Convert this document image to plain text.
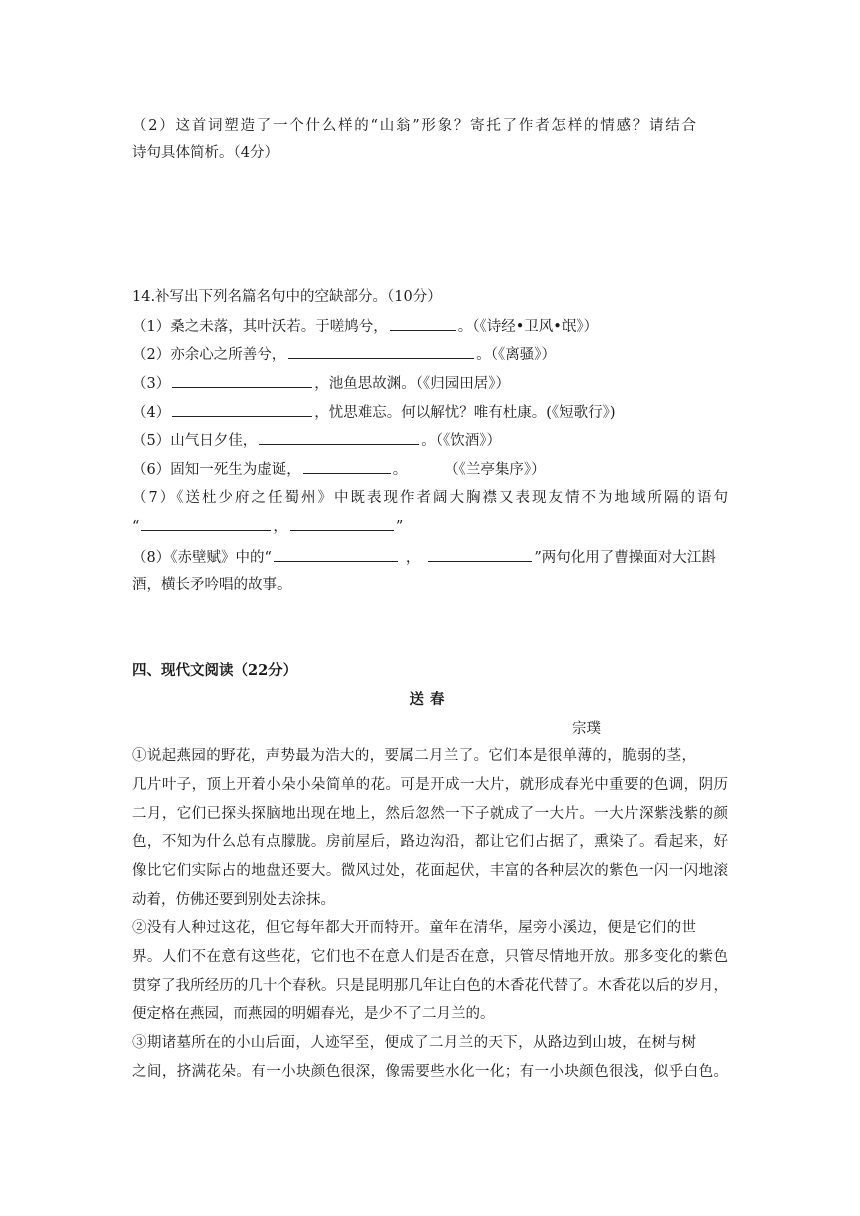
（2）这首词塑造了一个什么样的“山翁”形象？寄托了作者怎样的情感？请结合
诗句具体简析。（4分）
14.补写出下列名篇名句中的空缺部分。（10分）
（1）桑之未落，其叶沃若。于嗟鸠兮，	。（《诗经•卫风•氓》）
（2）亦余心之所善兮，	。（《离骚》）
（3）	，池鱼思故渊。（《归园田居》）
（4）	，忧思难忘。何以解忧？唯有杜康。(《短歌行》)
（5）山气日夕佳，	。（《饮酒》）
（6）固知一死生为虚诞，	。        （《兰亭集序》）
（7）《送杜少府之任蜀州》中既表现作者阔大胸襟又表现友情不为地域所隔的语句
“	，	”
（8）《赤壁赋》中的“	，	”两句化用了曹操面对大江斟
酒，横长矛吟唱的故事。
四、现代文阅读（22分）
送春
宗璞
①说起燕园的野花，声势最为浩大的，要属二月兰了。它们本是很单薄的，脆弱的茎，
几片叶子，顶上开着小朵小朵简单的花。可是开成一大片，就形成春光中重要的色调，阴历
二月，它们已探头探脑地出现在地上，然后忽然一下子就成了一大片。一大片深紫浅紫的颜
色，不知为什么总有点朦胧。房前屋后，路边沟沿，都让它们占据了，熏染了。看起来，好
像比它们实际占的地盘还要大。微风过处，花面起伏，丰富的各种层次的紫色一闪一闪地滚
动着，仿佛还要到别处去涂抹。
②没有人种过这花，但它每年都大开而特开。童年在清华，屋旁小溪边，便是它们的世
界。人们不在意有这些花，它们也不在意人们是否在意，只管尽情地开放。那多变化的紫色
贯穿了我所经历的几十个春秋。只是昆明那几年让白色的木香花代替了。木香花以后的岁月，
便定格在燕园，而燕园的明媚春光，是少不了二月兰的。
③期诸墓所在的小山后面，人迹罕至，便成了二月兰的天下，从路边到山坡，在树与树
之间，挤满花朵。有一小块颜色很深，像需要些水化一化；有一小块颜色很浅，似乎白色。
